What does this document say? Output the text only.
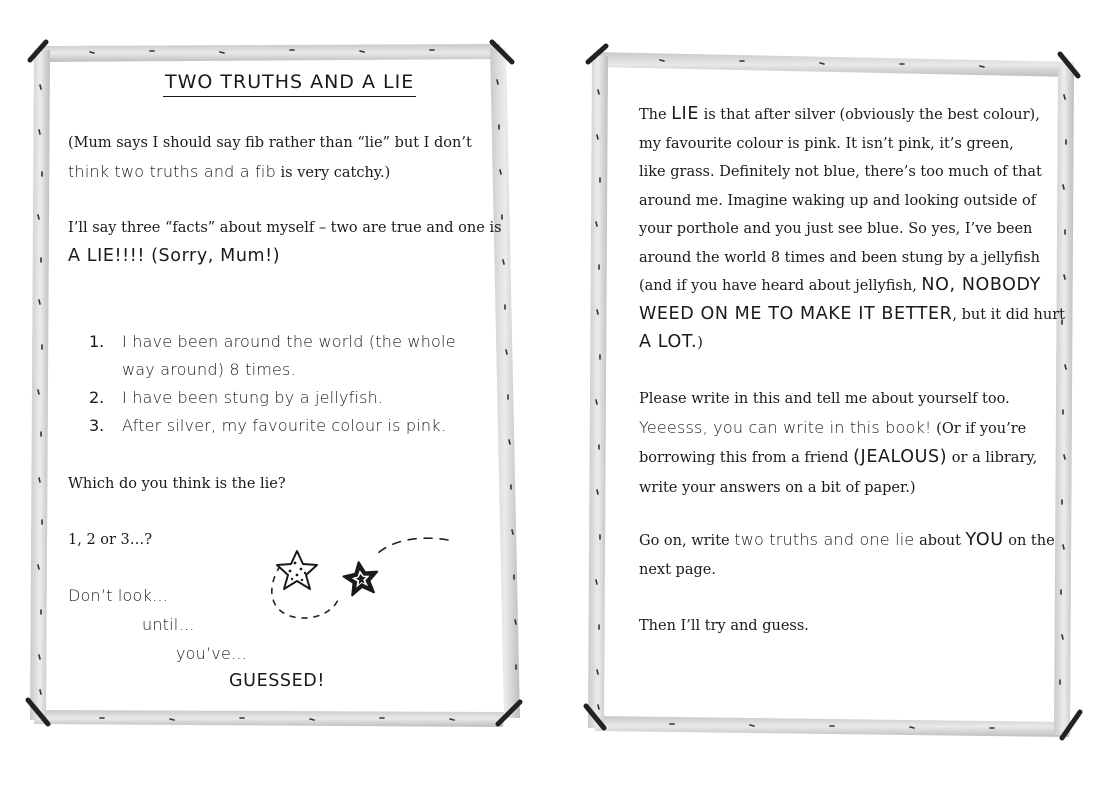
TWO TRUTHS AND A LIE
(Mum says I should say fib rather than “lie” but I don’t
think two truths and a fib is very catchy.)
I’ll say three “facts” about myself – two are true and one is
A LIE!!!! (Sorry, Mum!)
1. I have been around the world (the whole
way around) 8 times.
2. I have been stung by a jellyfish.
3. After silver, my favourite colour is pink.
Which do you think is the lie?
1, 2 or 3…?
Don’t look…
until…
you’ve…
GUESSED!
The LIE is that after silver (obviously the best colour),
my favourite colour is pink. It isn’t pink, it’s green,
like grass. Definitely not blue, there’s too much of that
around me. Imagine waking up and looking outside of
your porthole and you just see blue. So yes, I’ve been
around the world 8 times and been stung by a jellyfish
(and if you have heard about jellyfish, NO, NOBODY
WEED ON ME TO MAKE IT BETTER, but it did hurt
A LOT.)
Please write in this and tell me about yourself too.
Yeeesss, you can write in this book! (Or if you’re
borrowing this from a friend (JEALOUS) or a library,
write your answers on a bit of paper.)
Go on, write two truths and one lie about YOU on the
next page.
Then I’ll try and guess.
